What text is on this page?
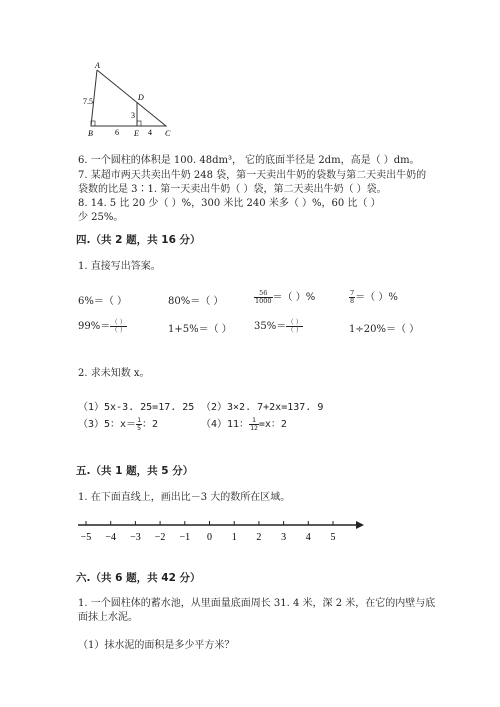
A
D
B	E	C
7.5
3
6	4
6. 一个圆柱的体积是 100. 48dm³， 它的底面半径是 2dm，高是（ ）dm。
7. 某超市两天共卖出牛奶 248 袋，第一天卖出牛奶的袋数与第二天卖出牛奶的
袋数的比是 3∶1. 第一天卖出牛奶（ ）袋，第二天卖出牛奶（ ）袋。
8. 14. 5 比 20 少（ ）%，300 米比 240 米多（ ）%，60 比（ ）
少 25%。
四.（共 2 题，共 16 分）
1. 直接写出答案。
6%＝（ ）	80%＝（ ）	$\frac{56}{1000}$ ＝（ ）%	$\frac{7}{8}$ ＝（ ）%
$99\%= \frac{( )}{( )}$	1+5%＝（ ） $35\%= \frac{( )}{( )}$	1÷20%＝（ ）
2. 求未知数 x。
（1）5x-3. 25=17. 25 （2）3×2. 7+2x=137. 9
（3）5：$x= \frac{1}{5}$ ：2	（4）11： $\frac{1}{12} =x$：2
五.（共 1 题，共 5 分）
1. 在下面直线上，画出比－3 大的数所在区域。
−5 −4 −3 −2 −1 0 1 2 3 4 5
六.（共 6 题，共 42 分）
1. 一个圆柱体的蓄水池，从里面量底面周长 31. 4 米，深 2 米，在它的内壁与底
面抹上水泥。
（1）抹水泥的面积是多少平方米？
